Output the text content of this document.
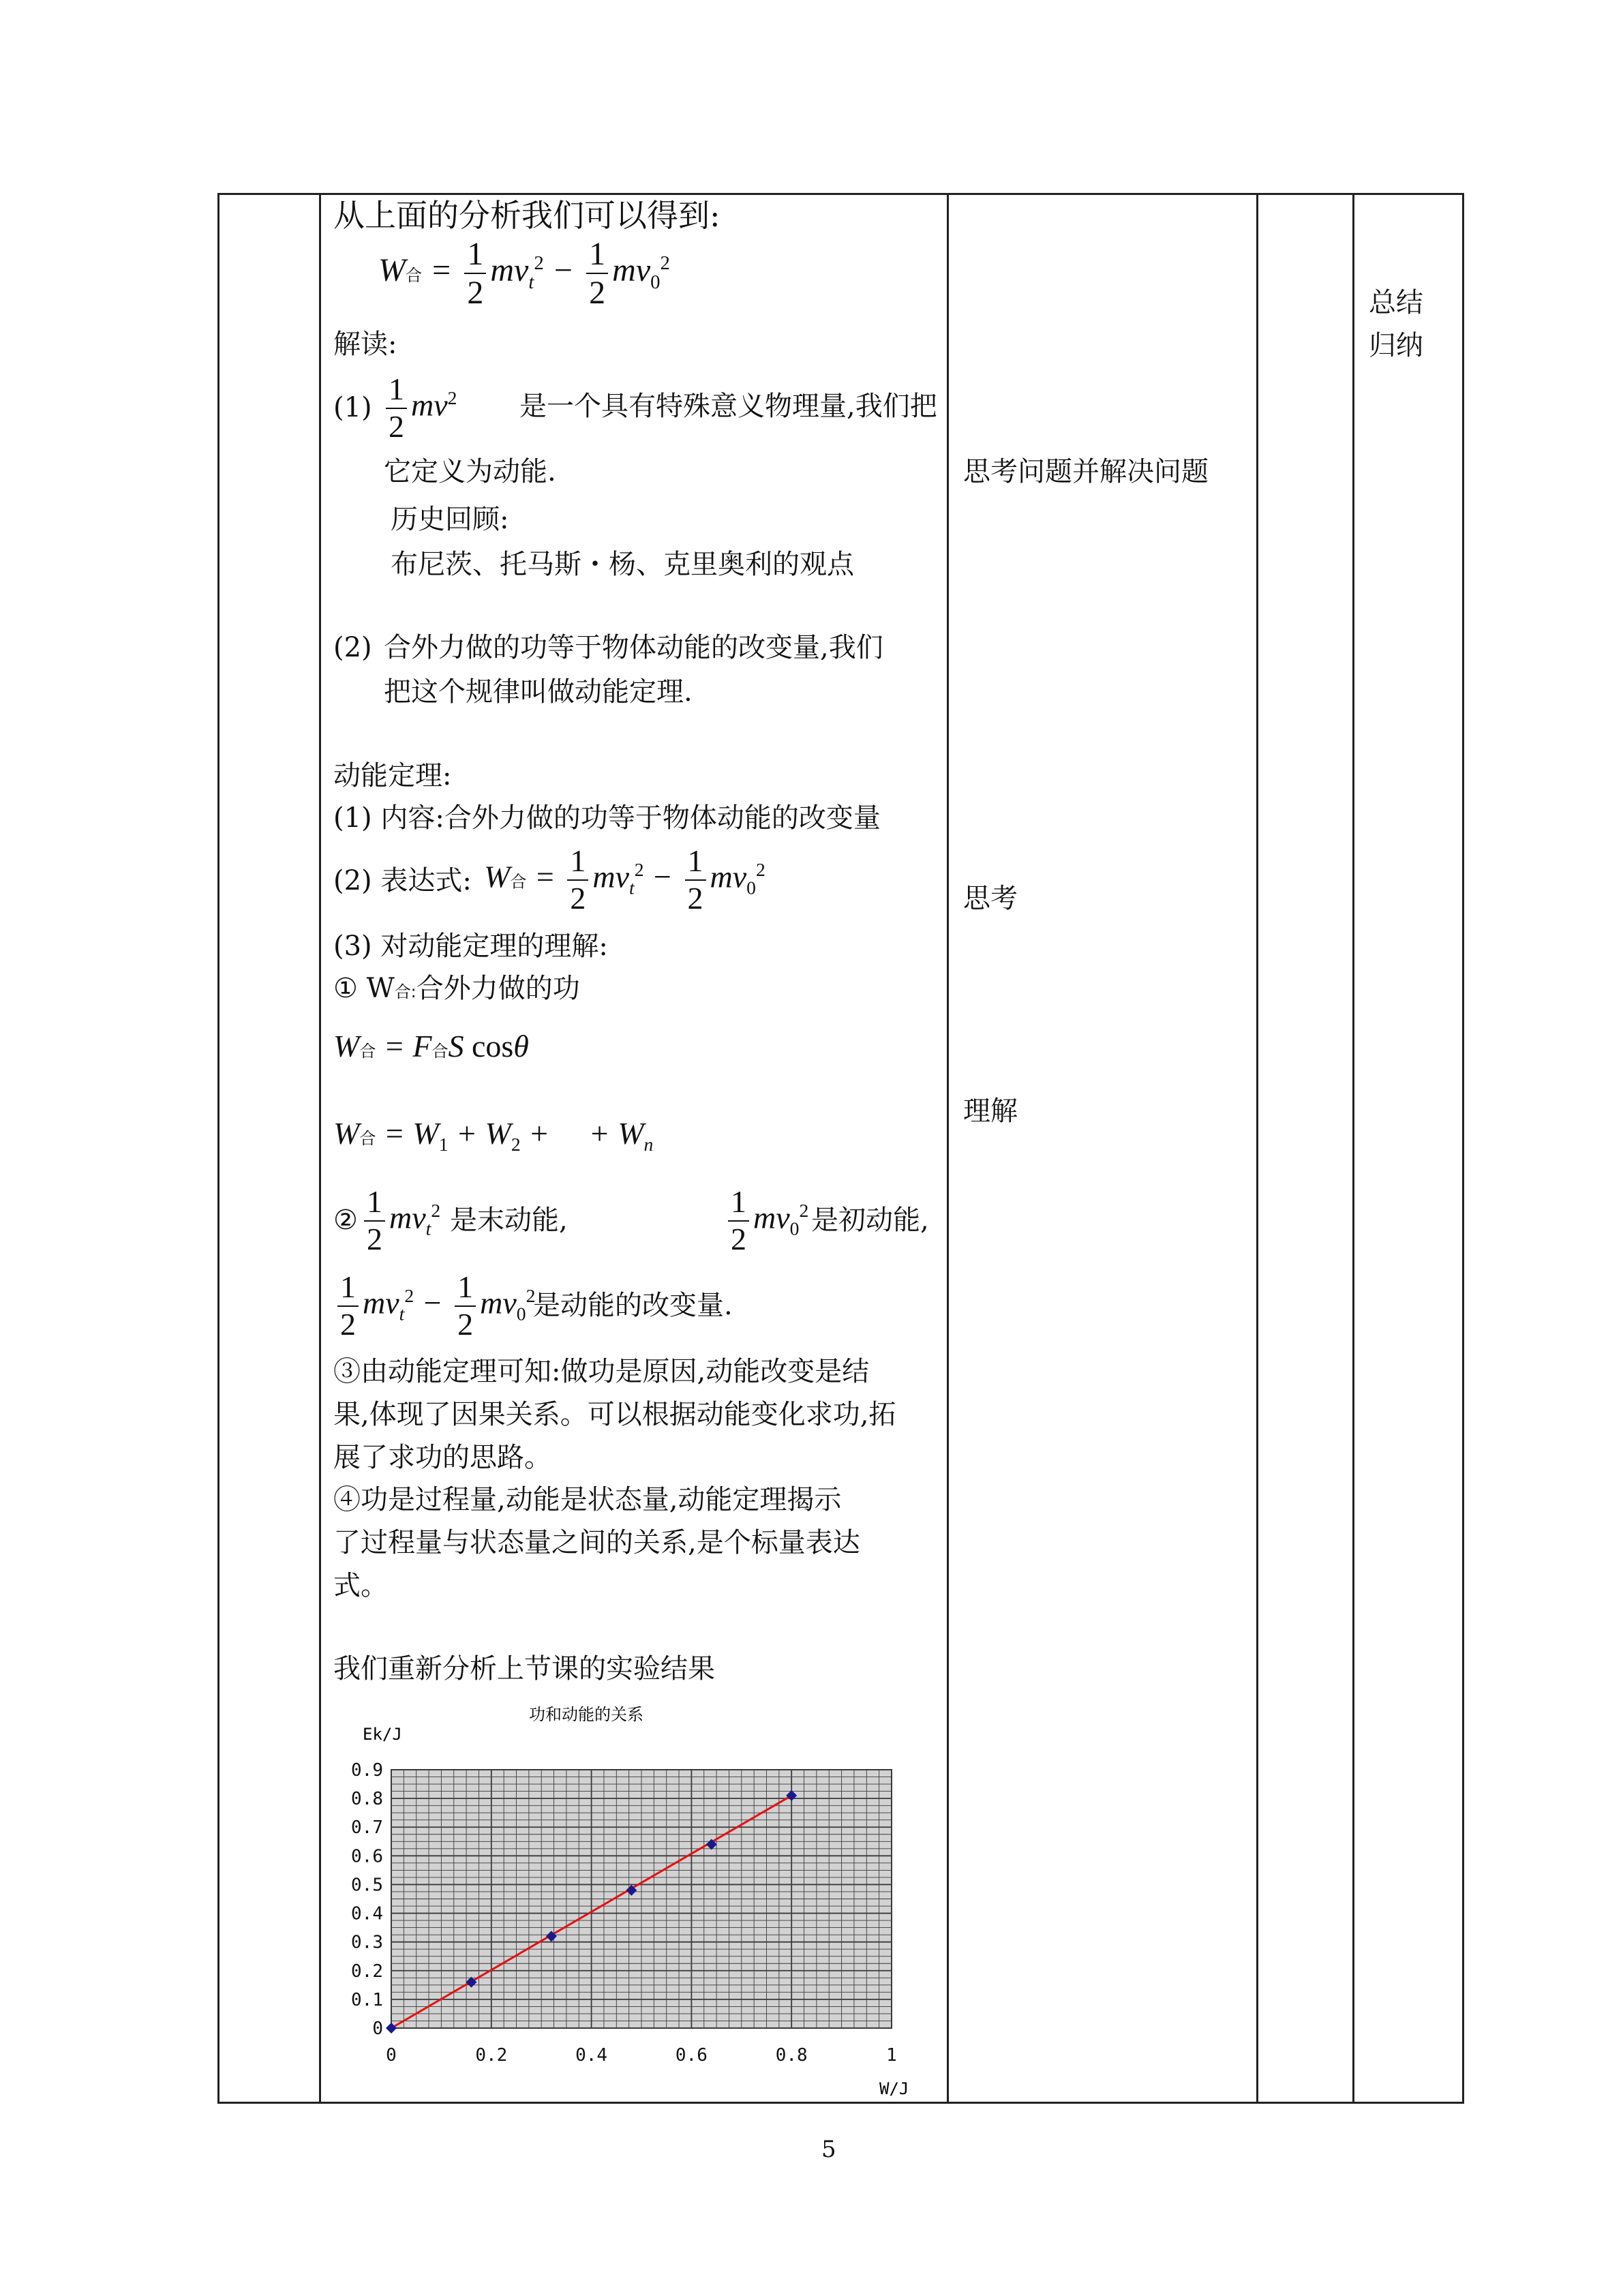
从上面的分析我们可以得到:
W合 = $\frac{1}{2} mv_t^2 - \frac{1}{2} mv_0^2$
解读:
$(1) \frac{1}{2} mv^2$ 是一个具有特殊意义物理量,我们把
它定义为动能.
历史回顾:
布尼茨、托马斯・杨、克里奥利的观点
(2) 合外力做的功等于物体动能的改变量,我们
把这个规律叫做动能定理.
动能定理:
(1) 内容:合外力做的功等于物体动能的改变量
(2) 表达式: W合 = $\frac{1}{2} mv_t^2 - \frac{1}{2} mv_0^2$
(3) 对动能定理的理解:
① W合:合外力做的功
W合 = F合S cosθ
W合 = $W_1 + W_2$ +     + $W_n$
② $\frac{1}{2} mv_t^2$ 是末动能,	$\frac{1}{2} mv_0^2$ 是初动能,
$\frac{1}{2} mv_t^2 - \frac{1}{2} mv_0^2$
是动能的改变量.
③由动能定理可知:做功是原因,动能改变是结
果,体现了因果关系。可以根据动能变化求功,拓
展了求功的思路。
④功是过程量,动能是状态量,动能定理揭示
了过程量与状态量之间的关系,是个标量表达
式。
我们重新分析上节课的实验结果
思考问题并解决问题
思考
理解
总结
归纳
功和动能的关系
Ek/J
W/J
0	0.2	0.4	0.6	0.8	1
0
0.1
0.2
0.3
0.4
0.5
0.6
0.7
0.8
0.9
5
